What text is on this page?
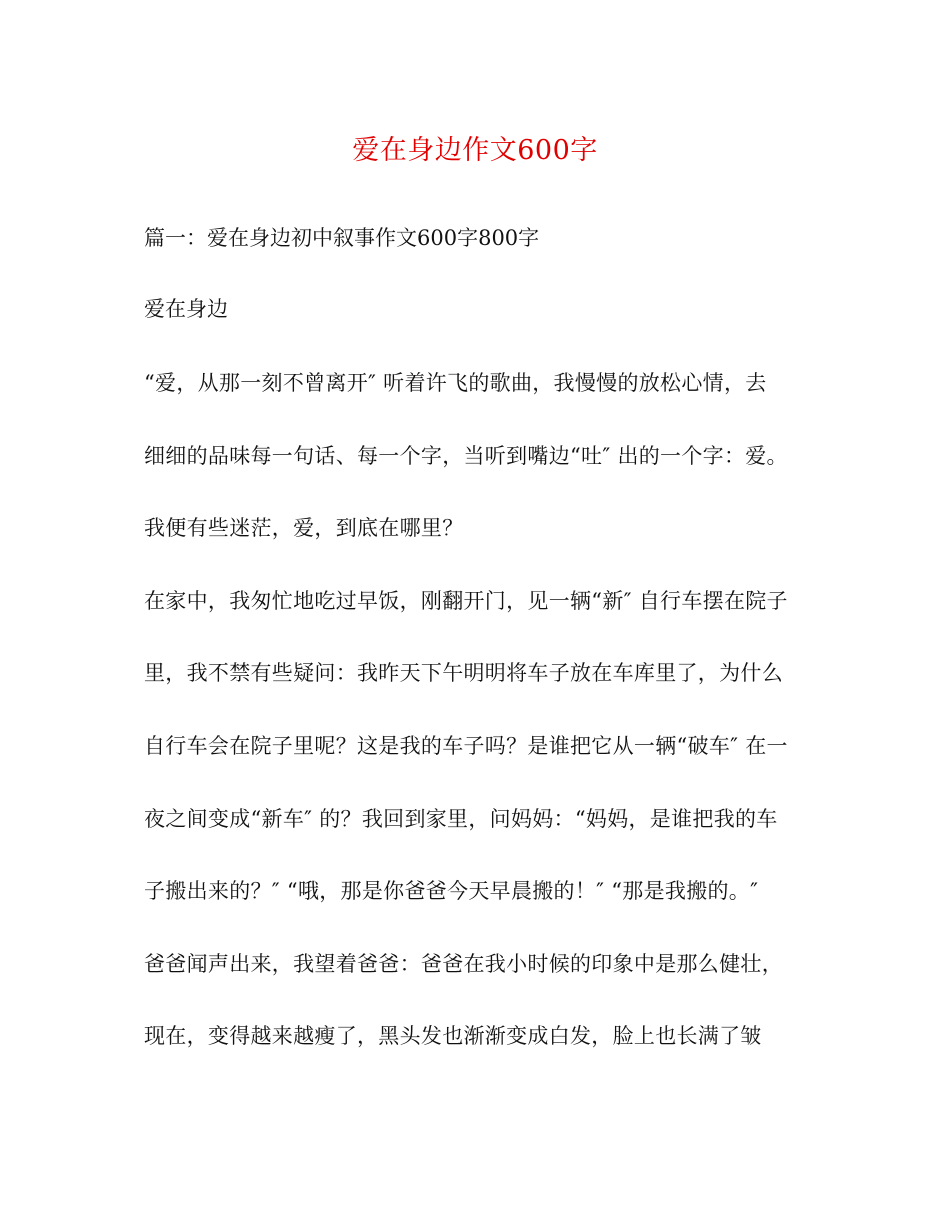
爱在身边作文600字
篇一：爱在身边初中叙事作文600字800字
爱在身边
“爱，从那一刻不曾离开″ 听着许飞的歌曲，我慢慢的放松心情，去
细细的品味每一句话、每一个字，当听到嘴边“吐″ 出的一个字：爱。
我便有些迷茫，爱，到底在哪里？
在家中，我匆忙地吃过早饭，刚翻开门，见一辆“新″ 自行车摆在院子
里，我不禁有些疑问：我昨天下午明明将车子放在车库里了，为什么
自行车会在院子里呢？这是我的车子吗？是谁把它从一辆“破车″ 在一
夜之间变成“新车″ 的？我回到家里，问妈妈：“妈妈，是谁把我的车
子搬出来的？″ “哦，那是你爸爸今天早晨搬的！″ “那是我搬的。″
爸爸闻声出来，我望着爸爸：爸爸在我小时候的印象中是那么健壮，
现在，变得越来越瘦了，黑头发也渐渐变成白发，脸上也长满了皱
